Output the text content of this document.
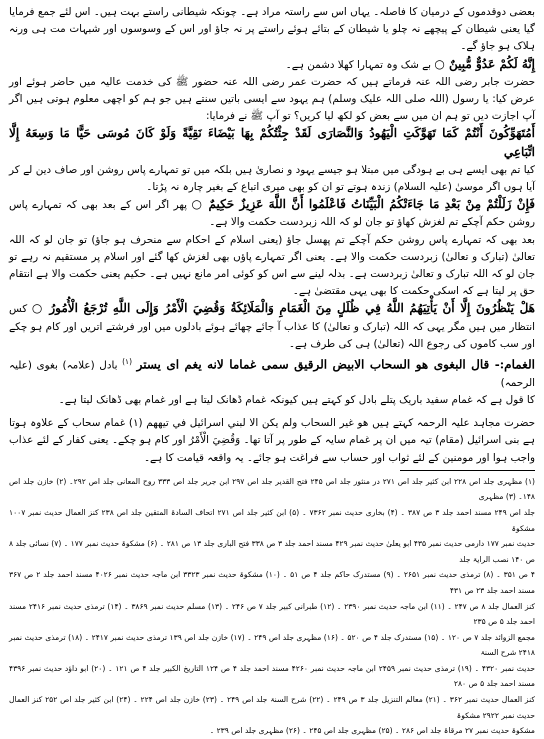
بعضی دوقدموں کے درمیان کا فاصلہ۔ یہاں اس سے راستہ مراد ہے۔ چونکہ شیطانی راستے بہت ہیں۔ اس لئے جمع فرمایا گیا یعنی شیطان کے پیچھے نہ چلو یا شیطان کے بتائے ہوئے راستے پر نہ جاؤ اور اس کے وسوسوں اور شبہات مت ہی ورنہ ہلاک ہو جاؤ گے۔

إِنَّهُ لَكُمْ عَدُوٌّ مُّبِينٌ ○ بے شک وہ تمہارا کھلا دشمن ہے۔

حضرت جابر رضی اللہ عنہ فرماتے ہیں کہ حضرت عمر رضی اللہ عنہ حضور ﷺ کی خدمت عالیہ میں حاضر ہوئے اور عرض کیا: یا رسول (اللہ صلی اللہ علیک وسلم) ہم یہود سے ایسی باتیں سنتے ہیں جو ہم کو اچھی معلوم ہوتی ہیں اگر آپ اجازت دیں تو ہم ان میں سے بعض کو لکھ لیا کریں؟ تو آپ ﷺ نے فرمایا:

أَمُتَهَوِّكُونَ أَنْتُمْ كَمَا تَهَوَّكَتِ الْيَهُودُ وَالنَّصَارَى لَقَدْ جِئْتُكُمْ بِهَا بَيْضَاءَ نَقِيَّةً وَلَوْ كَانَ مُوسَى حَيًّا مَا وَسِعَهُ إِلَّا اتِّبَاعِي

کیا تم بھی ایسے ہی بے ہودگی میں مبتلا ہو جیسے یہود و نصاریٰ ہیں بلکہ میں تو تمہارے پاس روشن اور صاف دین لے کر آیا ہوں اگر موسیٰ (علیہ السلام) زندہ ہوتے تو ان کو بھی میری اتباع کے بغیر چارہ نہ پڑتا۔

فَإِنْ زَلَلْتُمْ مِنْ بَعْدِ مَا جَاءَتْكُمُ الْبَيِّنَاتُ فَاعْلَمُوا أَنَّ اللَّهَ عَزِيزٌ حَكِيمٌ ○ پھر اگر اس کے بعد بھی کہ تمہارے پاس روشن حکم آچکے تم لغزش کھاؤ تو جان لو کہ اللہ زبردست حکمت والا ہے۔

بعد بھی کہ تمہارے پاس روشن حکم آچکے تم پھسل جاؤ (یعنی اسلام کے احکام سے منحرف ہو جاؤ) تو جان لو کہ اللہ تعالیٰ (تبارک و تعالیٰ) زبردست حکمت والا ہے۔ یعنی اگر تمہارے پاؤں بھی لغزش کھا گئے اور اسلام پر مستقیم نہ رہے تو جان لو کہ اللہ تبارک و تعالیٰ زبردست ہے۔ بدلہ لینے سے اس کو کوئی امر مانع نہیں ہے۔ حکیم یعنی حکمت والا ہے انتقام حق پر لیتا ہے کہ اسکی حکمت کا بھی یہی مقتضیٰ ہے۔

هَلْ يَنْظُرُونَ إِلَّا أَنْ يَأْتِيَهُمُ اللَّهُ فِي ظُلَلٍ مِنَ الْغَمَامِ وَالْمَلَائِكَةُ وَقُضِيَ الْأَمْرُ وَإِلَى اللَّهِ تُرْجَعُ الْأُمُورُ ○ کس انتظار میں ہیں مگر یہی کہ اللہ (تبارک و تعالیٰ) کا عذاب آ جائے چھائے ہوئے بادلوں میں اور فرشتے اتریں اور کام ہو چکے اور سب کاموں کی رجوع اللہ (تعالیٰ) ہی کی طرف ہے۔

الغمام:- قال البغوی هو السحاب الابيض الرقيق سمی غماما لانه يغم ای يستر $^{(۱)}$ بادل (علامہ) بغوی (علیہ الرحمہ)

کا قول ہے کہ غمام سفید باریک پتلے بادل کو کہتے ہیں کیونکہ غمام ڈھانک لیتا ہے اور غمام بھی ڈھانک لیتا ہے۔

حضرت مجاہد علیہ الرحمہ کہتے ہیں هو غير السحاب ولم يكن الا لبني اسرائيل في تيههم (۱) غمام سحاب کے علاوہ ہوتا ہے بنی اسرائیل (مقام) تیہ میں ان پر غمام سایہ کے طور پر آتا تھا۔ وَقُضِيَ الْأَمْرُ اور کام ہو چکے۔ یعنی کفار کے لئے عذاب واجب ہوا اور مومنین کے لئے ثواب اور حساب سے فراغت ہو جائے۔ یہ واقعہ قیامت کا ہے۔

(۱) مظہری جلد اص ۲۲۸ ابن کثیر جلد اص ۲۷۱ در منثور جلد اص ۲۴۵ فتح القدیر جلد اص ۲۹۷ ابن جریر جلد اص ۳۳۳ روح المعانی جلد اص ۲۹۲۔ (۲) خازن جلد اص ۱۴۸۔ (۳) مظہری

جلد اص ۲۴۹ مسند احمد جلد ۳ ص ۳۸۷ ۔ (۴) بخاری حدیث نمبر ۷۳۶۲ ۔ (۵) ابن کثیر جلد اص ۲۷۱ اتحاف السادۃ المتقین جلد اص ۲۳۸ کنز العمال حدیث نمبر ۱۰۰۷ مشکوۃ

حدیث نمبر ۱۷۷ دارمی حدیث نمبر ۴۳۵ ابو یعلیٰ حدیث نمبر ۴۲۹ مسند احمد جلد ۳ ص ۳۳۸ فتح الباری جلد ۱۳ ص ۲۸۱ ۔ (۶) مشکوۃ حدیث نمبر ۱۷۷ ۔ (۷) نسائی جلد ۸ ص ۱۴۰ نصب الرایۃ جلد

۴ ص ۳۵۱ ۔ (۸) ترمذی حدیث نمبر ۲۶۵۱ ۔ (۹) مستدرک حاکم جلد ۴ ص ۵۱ ۔ (۱۰) مشکوۃ حدیث نمبر ۳۳۲۳ ابن ماجہ حدیث نمبر ۴۰۲۶ مسند احمد جلد ۲ ص ۳۶۷ مسند احمد جلد ۲۳ ص ۴۳۱

کنز العمال جلد ۸ ص ۲۴۷ ۔ (۱۱) ابن ماجہ حدیث نمبر ۲۳۹۰ ۔ (۱۲) طبرانی کبیر جلد ۷ ص ۲۴۶ ۔ (۱۳) مسلم حدیث نمبر ۳۸۶۹ ۔ (۱۴) ترمذی حدیث نمبر ۲۴۱۶ مسند احمد جلد ۵ ص ۲۳۵

مجمع الزوائد جلد ۷ ص ۱۲۰ ۔ (۱۵) مستدرک جلد ۴ ص ۵۲۰ ۔ (۱۶) مظہری جلد اص ۲۴۹ ۔ (۱۷) خازن جلد اص ۱۳۹ ترمذی حدیث نمبر ۲۴۱۷ ۔ (۱۸) ترمذی حدیث نمبر ۲۴۱۸ شرح السنۃ

حدیث نمبر ۴۳۲۰ ۔ (۱۹) ترمذی حدیث نمبر ۲۴۵۹ ابن ماجہ حدیث نمبر ۴۲۶۰ مسند احمد جلد ۴ ص ۱۲۴ التاریخ الکبیر جلد ۴ ص ۱۲۱ ۔ (۲۰) ابو داؤد حدیث نمبر ۴۳۹۶ مسند احمد جلد ۵ ص ۲۸۰

کنز العمال حدیث نمبر ۳۶۲ ۔ (۲۱) معالم التنزیل جلد ۳ ص ۲۴۹ ۔ (۲۲) شرح السنۃ جلد اص ۲۴۹ ۔ (۲۳) خازن جلد اص ۲۲۴ ۔ (۲۴) ابن کثیر جلد اص ۲۵۲ کنز العمال حدیث نمبر ۲۹۲۲ مشکوۃ

مشکوۃ حدیث نمبر ۲۷ مرقاۃ جلد اص ۲۸۶ ۔ (۲۵) مظہری جلد اص ۲۴۵ ۔ (۲۶) مظہری جلد اص ۲۳۹ ۔
